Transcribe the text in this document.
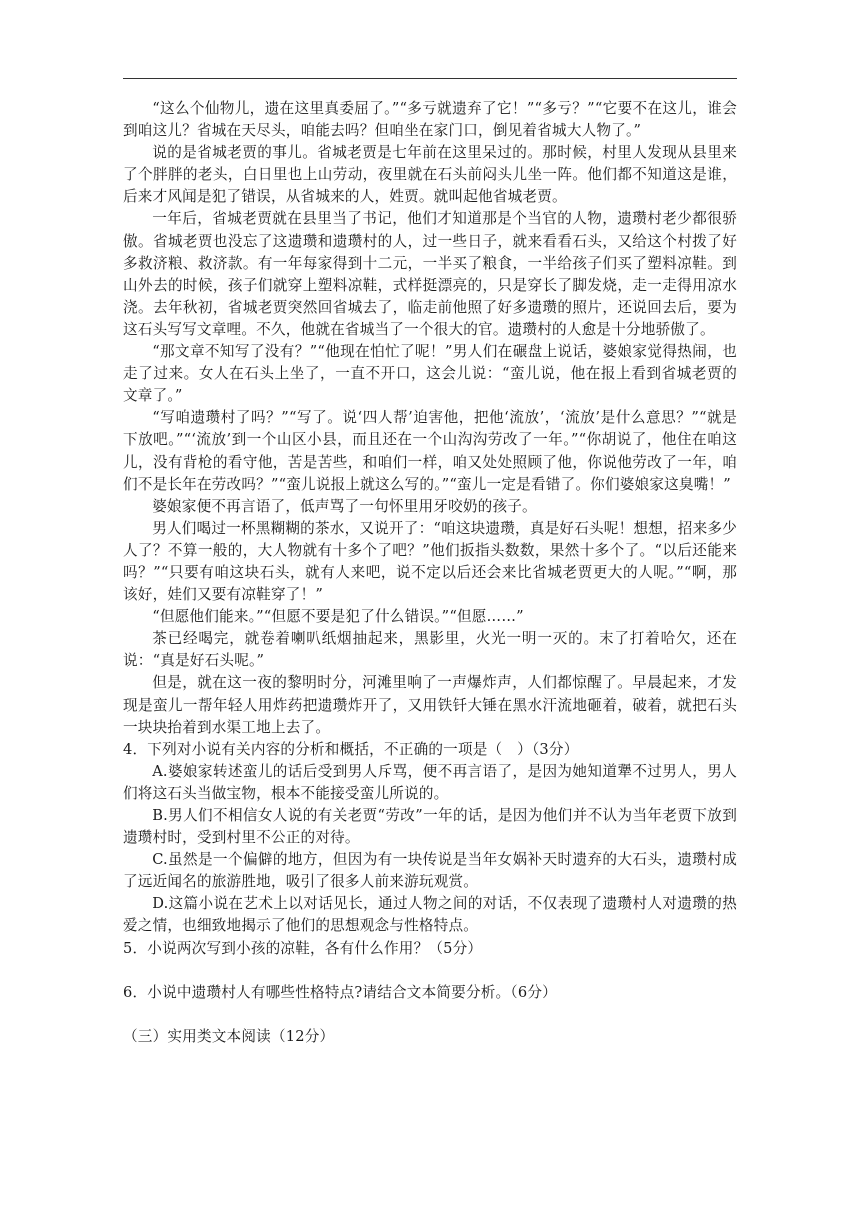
“这么个仙物儿，遗在这里真委屈了。”“多亏就遗弃了它！”“多亏？”“它要不在这儿，谁会到咱这儿？省城在天尽头，咱能去吗？但咱坐在家门口，倒见着省城大人物了。”

说的是省城老贾的事儿。省城老贾是七年前在这里呆过的。那时候，村里人发现从县里来了个胖胖的老头，白日里也上山劳动，夜里就在石头前闷头儿坐一阵。他们都不知道这是谁，后来才风闻是犯了错误，从省城来的人，姓贾。就叫起他省城老贾。

一年后，省城老贾就在县里当了书记，他们才知道那是个当官的人物，遗瓒村老少都很骄傲。省城老贾也没忘了这遗瓒和遗瓒村的人，过一些日子，就来看看石头，又给这个村拨了好多救济粮、救济款。有一年每家得到十二元，一半买了粮食，一半给孩子们买了塑料凉鞋。到山外去的时候，孩子们就穿上塑料凉鞋，式样挺漂亮的，只是穿长了脚发烧，走一走得用凉水浇。去年秋初，省城老贾突然回省城去了，临走前他照了好多遗瓒的照片，还说回去后，要为这石头写写文章哩。不久，他就在省城当了一个很大的官。遗瓒村的人愈是十分地骄傲了。

“那文章不知写了没有？”“他现在怕忙了呢！”男人们在碾盘上说话，婆娘家觉得热闹，也走了过来。女人在石头上坐了，一直不开口，这会儿说：“蛮儿说，他在报上看到省城老贾的文章了。”

“写咱遗瓒村了吗？”“写了。说‘四人帮’迫害他，把他‘流放’，‘流放’是什么意思？”“就是下放吧。”“‘流放’到一个山区小县，而且还在一个山沟沟劳改了一年。”“你胡说了，他住在咱这儿，没有背枪的看守他，苦是苦些，和咱们一样，咱又处处照顾了他，你说他劳改了一年，咱们不是长年在劳改吗？”“蛮儿说报上就这么写的。”“蛮儿一定是看错了。你们婆娘家这臭嘴！”

婆娘家便不再言语了，低声骂了一句怀里用牙咬奶的孩子。

男人们喝过一杯黑糊糊的茶水，又说开了：“咱这块遗瓒，真是好石头呢！想想，招来多少人了？不算一般的，大人物就有十多个了吧？”他们扳指头数数，果然十多个了。“以后还能来吗？”“只要有咱这块石头，就有人来吧，说不定以后还会来比省城老贾更大的人呢。”“啊，那该好，娃们又要有凉鞋穿了！”

“但愿他们能来。”“但愿不要是犯了什么错误。”“但愿……”

茶已经喝完，就卷着喇叭纸烟抽起来，黑影里，火光一明一灭的。末了打着哈欠，还在说：“真是好石头呢。”

但是，就在这一夜的黎明时分，河滩里响了一声爆炸声，人们都惊醒了。早晨起来，才发现是蛮儿一帮年轻人用炸药把遗瓒炸开了，又用铁钎大锤在黑水汗流地砸着，破着，就把石头一块块抬着到水渠工地上去了。

4．下列对小说有关内容的分析和概括，不正确的一项是（　）（3分）

A.婆娘家转述蛮儿的话后受到男人斥骂，便不再言语了，是因为她知道犟不过男人，男人们将这石头当做宝物，根本不能接受蛮儿所说的。

B.男人们不相信女人说的有关老贾“劳改”一年的话，是因为他们并不认为当年老贾下放到遗瓒村时，受到村里不公正的对待。

C.虽然是一个偏僻的地方，但因为有一块传说是当年女娲补天时遗弃的大石头，遗瓒村成了远近闻名的旅游胜地，吸引了很多人前来游玩观赏。

D.这篇小说在艺术上以对话见长，通过人物之间的对话，不仅表现了遗瓒村人对遗瓒的热爱之情，也细致地揭示了他们的思想观念与性格特点。

5．小说两次写到小孩的凉鞋，各有什么作用？（5分）

6．小说中遗瓒村人有哪些性格特点?请结合文本简要分析。（6分）

（三）实用类文本阅读（12分）
